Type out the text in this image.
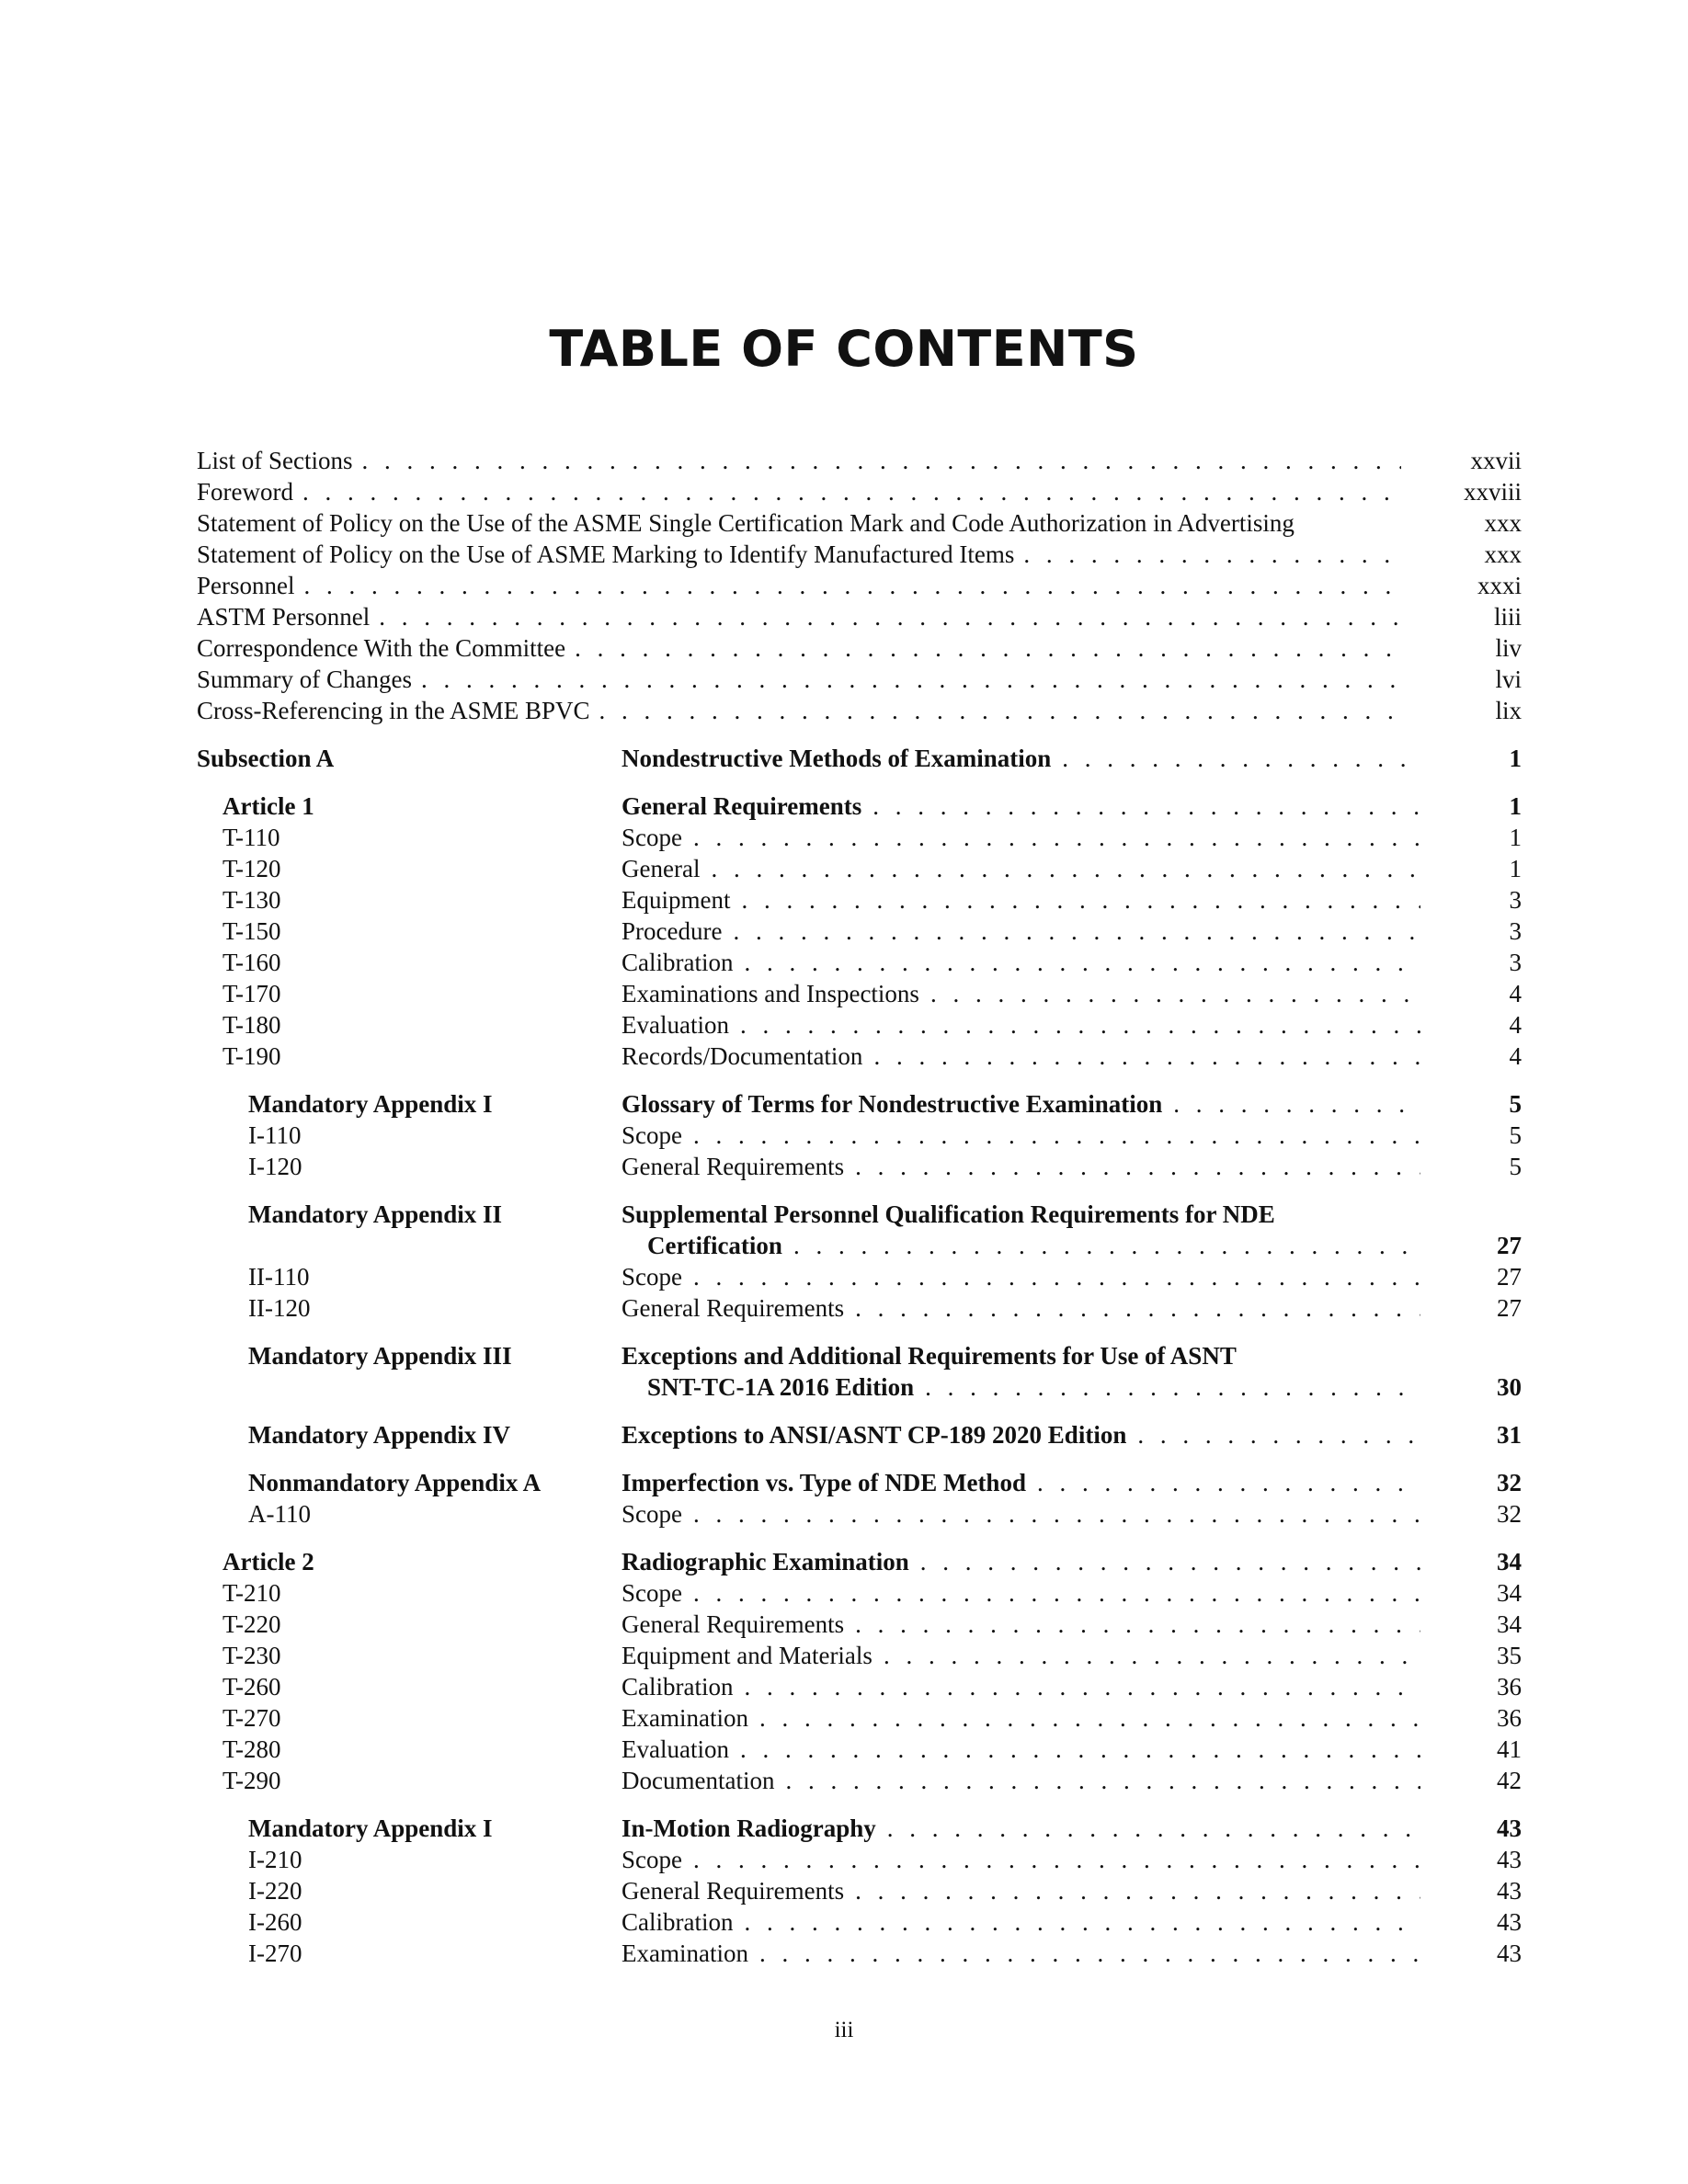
TABLE OF CONTENTS
List of Sections . . .	xxvii
Foreword . . .	xxviii
Statement of Policy on the Use of the ASME Single Certification Mark and Code Authorization in Advertising	xxx
Statement of Policy on the Use of ASME Marking to Identify Manufactured Items . . .	xxx
Personnel . . .	xxxi
ASTM Personnel . . .	liii
Correspondence With the Committee . . .	liv
Summary of Changes . . .	lvi
Cross-Referencing in the ASME BPVC . . .	lix
Subsection A	Nondestructive Methods of Examination . . .	1
Article 1	General Requirements . . .	1
T-110	Scope . . .	1
T-120	General . . .	1
T-130	Equipment . . .	3
T-150	Procedure . . .	3
T-160	Calibration . . .	3
T-170	Examinations and Inspections . . .	4
T-180	Evaluation . . .	4
T-190	Records/Documentation . . .	4
Mandatory Appendix I	Glossary of Terms for Nondestructive Examination . . .	5
I-110	Scope . . .	5
I-120	General Requirements . . .	5
Mandatory Appendix II	Supplemental Personnel Qualification Requirements for NDE
Certification . . .	27
II-110	Scope . . .	27
II-120	General Requirements . . .	27
Mandatory Appendix III	Exceptions and Additional Requirements for Use of ASNT
SNT-TC-1A 2016 Edition . . .	30
Mandatory Appendix IV	Exceptions to ANSI/ASNT CP-189 2020 Edition . . .	31
Nonmandatory Appendix A	Imperfection vs. Type of NDE Method . . .	32
A-110	Scope . . .	32
Article 2	Radiographic Examination . . .	34
T-210	Scope . . .	34
T-220	General Requirements . . .	34
T-230	Equipment and Materials . . .	35
T-260	Calibration . . .	36
T-270	Examination . . .	36
T-280	Evaluation . . .	41
T-290	Documentation . . .	42
Mandatory Appendix I	In-Motion Radiography . . .	43
I-210	Scope . . .	43
I-220	General Requirements . . .	43
I-260	Calibration . . .	43
I-270	Examination . . .	43
iii
